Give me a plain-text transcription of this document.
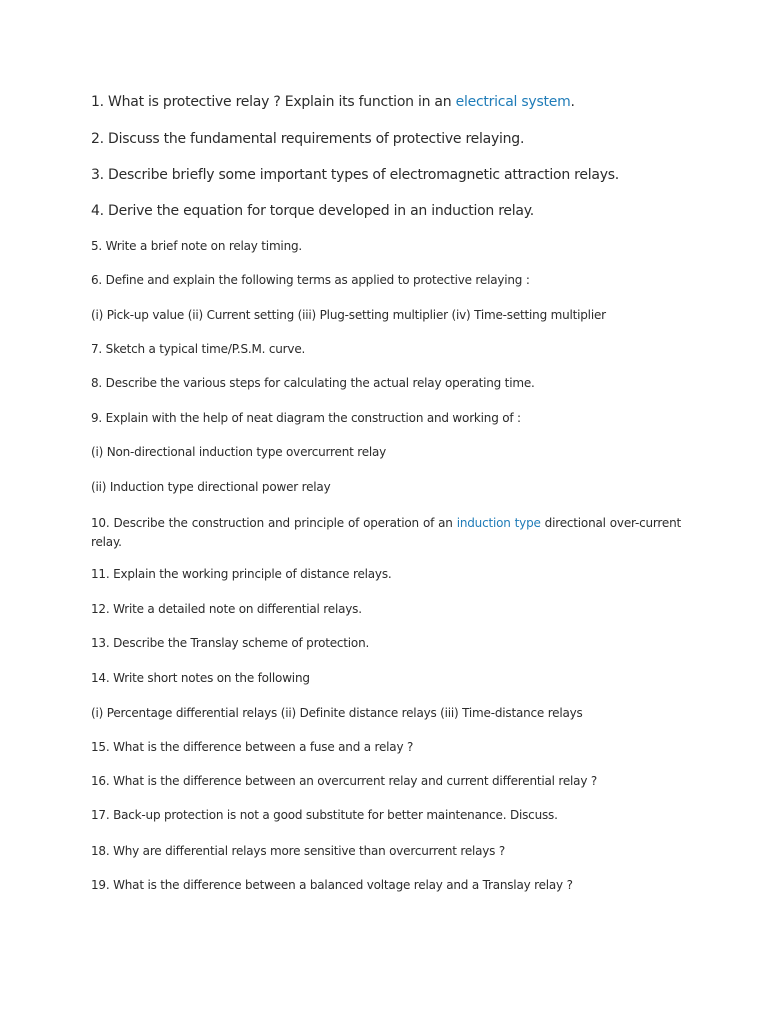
1. What is protective relay ? Explain its function in an electrical system.

2. Discuss the fundamental requirements of protective relaying.

3. Describe briefly some important types of electromagnetic attraction relays.

4. Derive the equation for torque developed in an induction relay.

5. Write a brief note on relay timing.

6. Define and explain the following terms as applied to protective relaying :

(i) Pick-up value (ii) Current setting (iii) Plug-setting multiplier (iv) Time-setting multiplier

7. Sketch a typical time/P.S.M. curve.

8. Describe the various steps for calculating the actual relay operating time.

9. Explain with the help of neat diagram the construction and working of :

(i) Non-directional induction type overcurrent relay

(ii) Induction type directional power relay

10. Describe the construction and principle of operation of an induction type directional over-current relay.

11. Explain the working principle of distance relays.

12. Write a detailed note on differential relays.

13. Describe the Translay scheme of protection.

14. Write short notes on the following

(i) Percentage differential relays (ii) Definite distance relays (iii) Time-distance relays

15. What is the difference between a fuse and a relay ?

16. What is the difference between an overcurrent relay and current differential relay ?

17. Back-up protection is not a good substitute for better maintenance. Discuss.

18. Why are differential relays more sensitive than overcurrent relays ?

19. What is the difference between a balanced voltage relay and a Translay relay ?
